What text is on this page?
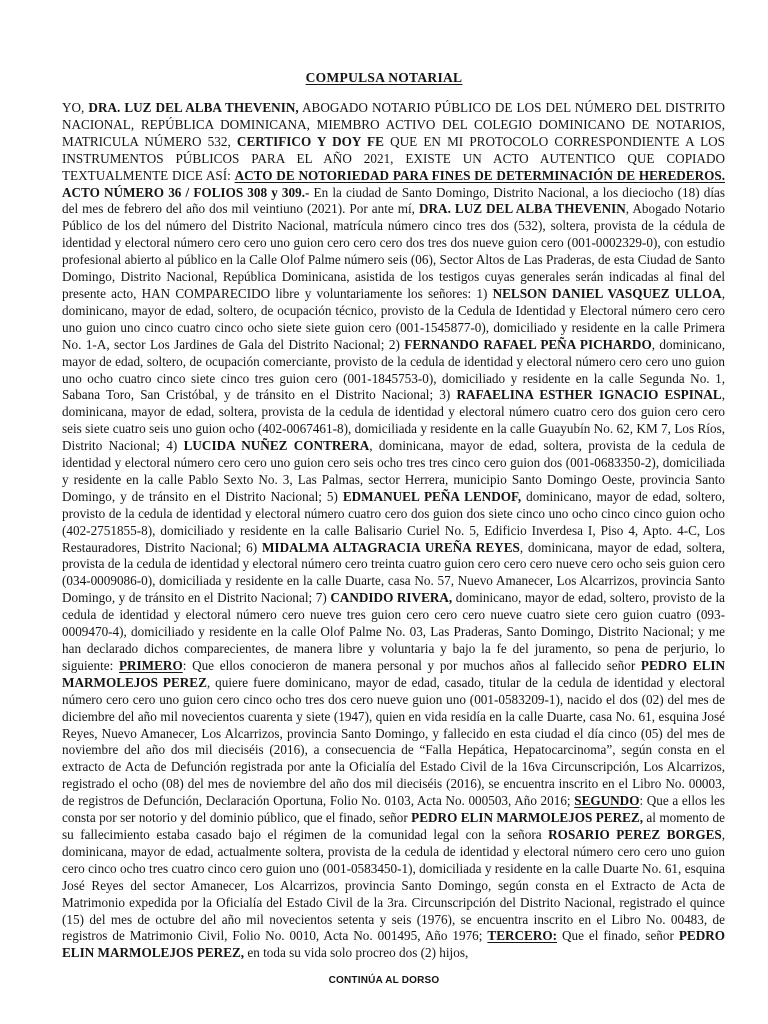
COMPULSA NOTARIAL

YO, DRA. LUZ DEL ALBA THEVENIN, ABOGADO NOTARIO PÚBLICO DE LOS DEL NÚMERO DEL DISTRITO NACIONAL, REPÚBLICA DOMINICANA, MIEMBRO ACTIVO DEL COLEGIO DOMINICANO DE NOTARIOS, MATRICULA NÚMERO 532, CERTIFICO Y DOY FE QUE EN MI PROTOCOLO CORRESPONDIENTE A LOS INSTRUMENTOS PÚBLICOS PARA EL AÑO 2021, EXISTE UN ACTO AUTENTICO QUE COPIADO TEXTUALMENTE DICE ASÍ: ACTO DE NOTORIEDAD PARA FINES DE DETERMINACIÓN DE HEREDEROS. ACTO NÚMERO 36 / FOLIOS 308 y 309.- En la ciudad de Santo Domingo, Distrito Nacional, a los dieciocho (18) días del mes de febrero del año dos mil veintiuno (2021). Por ante mí, DRA. LUZ DEL ALBA THEVENIN, Abogado Notario Público de los del número del Distrito Nacional, matrícula número cinco tres dos (532), soltera, provista de la cédula de identidad y electoral número cero cero uno guion cero cero cero dos tres dos nueve guion cero (001-0002329-0), con estudio profesional abierto al público en la Calle Olof Palme número seis (06), Sector Altos de Las Praderas, de esta Ciudad de Santo Domingo, Distrito Nacional, República Dominicana, asistida de los testigos cuyas generales serán indicadas al final del presente acto, HAN COMPARECIDO libre y voluntariamente los señores: 1) NELSON DANIEL VASQUEZ ULLOA, dominicano, mayor de edad, soltero, de ocupación técnico, provisto de la Cedula de Identidad y Electoral número cero cero uno guion uno cinco cuatro cinco ocho siete siete guion cero (001-1545877-0), domiciliado y residente en la calle Primera No. 1-A, sector Los Jardines de Gala del Distrito Nacional; 2) FERNANDO RAFAEL PEÑA PICHARDO, dominicano, mayor de edad, soltero, de ocupación comerciante, provisto de la cedula de identidad y electoral número cero cero uno guion uno ocho cuatro cinco siete cinco tres guion cero (001-1845753-0), domiciliado y residente en la calle Segunda No. 1, Sabana Toro, San Cristóbal, y de tránsito en el Distrito Nacional; 3) RAFAELINA ESTHER IGNACIO ESPINAL, dominicana, mayor de edad, soltera, provista de la cedula de identidad y electoral número cuatro cero dos guion cero cero seis siete cuatro seis uno guion ocho (402-0067461-8), domiciliada y residente en la calle Guayubín No. 62, KM 7, Los Ríos, Distrito Nacional; 4) LUCIDA NUÑEZ CONTRERA, dominicana, mayor de edad, soltera, provista de la cedula de identidad y electoral número cero cero uno guion cero seis ocho tres tres cinco cero guion dos (001-0683350-2), domiciliada y residente en la calle Pablo Sexto No. 3, Las Palmas, sector Herrera, municipio Santo Domingo Oeste, provincia Santo Domingo, y de tránsito en el Distrito Nacional; 5) EDMANUEL PEÑA LENDOF, dominicano, mayor de edad, soltero, provisto de la cedula de identidad y electoral número cuatro cero dos guion dos siete cinco uno ocho cinco cinco guion ocho (402-2751855-8), domiciliado y residente en la calle Balisario Curiel No. 5, Edificio Inverdesa I, Piso 4, Apto. 4-C, Los Restauradores, Distrito Nacional; 6) MIDALMA ALTAGRACIA UREÑA REYES, dominicana, mayor de edad, soltera, provista de la cedula de identidad y electoral número cero treinta cuatro guion cero cero cero nueve cero ocho seis guion cero (034-0009086-0), domiciliada y residente en la calle Duarte, casa No. 57, Nuevo Amanecer, Los Alcarrizos, provincia Santo Domingo, y de tránsito en el Distrito Nacional; 7) CANDIDO RIVERA, dominicano, mayor de edad, soltero, provisto de la cedula de identidad y electoral número cero nueve tres guion cero cero cero nueve cuatro siete cero guion cuatro (093-0009470-4), domiciliado y residente en la calle Olof Palme No. 03, Las Praderas, Santo Domingo, Distrito Nacional; y me han declarado dichos comparecientes, de manera libre y voluntaria y bajo la fe del juramento, so pena de perjurio, lo siguiente: PRIMERO: Que ellos conocieron de manera personal y por muchos años al fallecido señor PEDRO ELIN MARMOLEJOS PEREZ, quiere fuere dominicano, mayor de edad, casado, titular de la cedula de identidad y electoral número cero cero uno guion cero cinco ocho tres dos cero nueve guion uno (001-0583209-1), nacido el dos (02) del mes de diciembre del año mil novecientos cuarenta y siete (1947), quien en vida residía en la calle Duarte, casa No. 61, esquina José Reyes, Nuevo Amanecer, Los Alcarrizos, provincia Santo Domingo, y fallecido en esta ciudad el día cinco (05) del mes de noviembre del año dos mil dieciséis (2016), a consecuencia de “Falla Hepática, Hepatocarcinoma”, según consta en el extracto de Acta de Defunción registrada por ante la Oficialía del Estado Civil de la 16va Circunscripción, Los Alcarrizos, registrado el ocho (08) del mes de noviembre del año dos mil dieciséis (2016), se encuentra inscrito en el Libro No. 00003, de registros de Defunción, Declaración Oportuna, Folio No. 0103, Acta No. 000503, Año 2016; SEGUNDO: Que a ellos les consta por ser notorio y del dominio público, que el finado, señor PEDRO ELIN MARMOLEJOS PEREZ, al momento de su fallecimiento estaba casado bajo el régimen de la comunidad legal con la señora ROSARIO PEREZ BORGES, dominicana, mayor de edad, actualmente soltera, provista de la cedula de identidad y electoral número cero cero uno guion cero cinco ocho tres cuatro cinco cero guion uno (001-0583450-1), domiciliada y residente en la calle Duarte No. 61, esquina José Reyes del sector Amanecer, Los Alcarrizos, provincia Santo Domingo, según consta en el Extracto de Acta de Matrimonio expedida por la Oficialía del Estado Civil de la 3ra. Circunscripción del Distrito Nacional, registrado el quince (15) del mes de octubre del año mil novecientos setenta y seis (1976), se encuentra inscrito en el Libro No. 00483, de registros de Matrimonio Civil, Folio No. 0010, Acta No. 001495, Año 1976; TERCERO: Que el finado, señor PEDRO ELIN MARMOLEJOS PEREZ, en toda su vida solo procreo dos (2) hijos,

CONTINÚA AL DORSO
